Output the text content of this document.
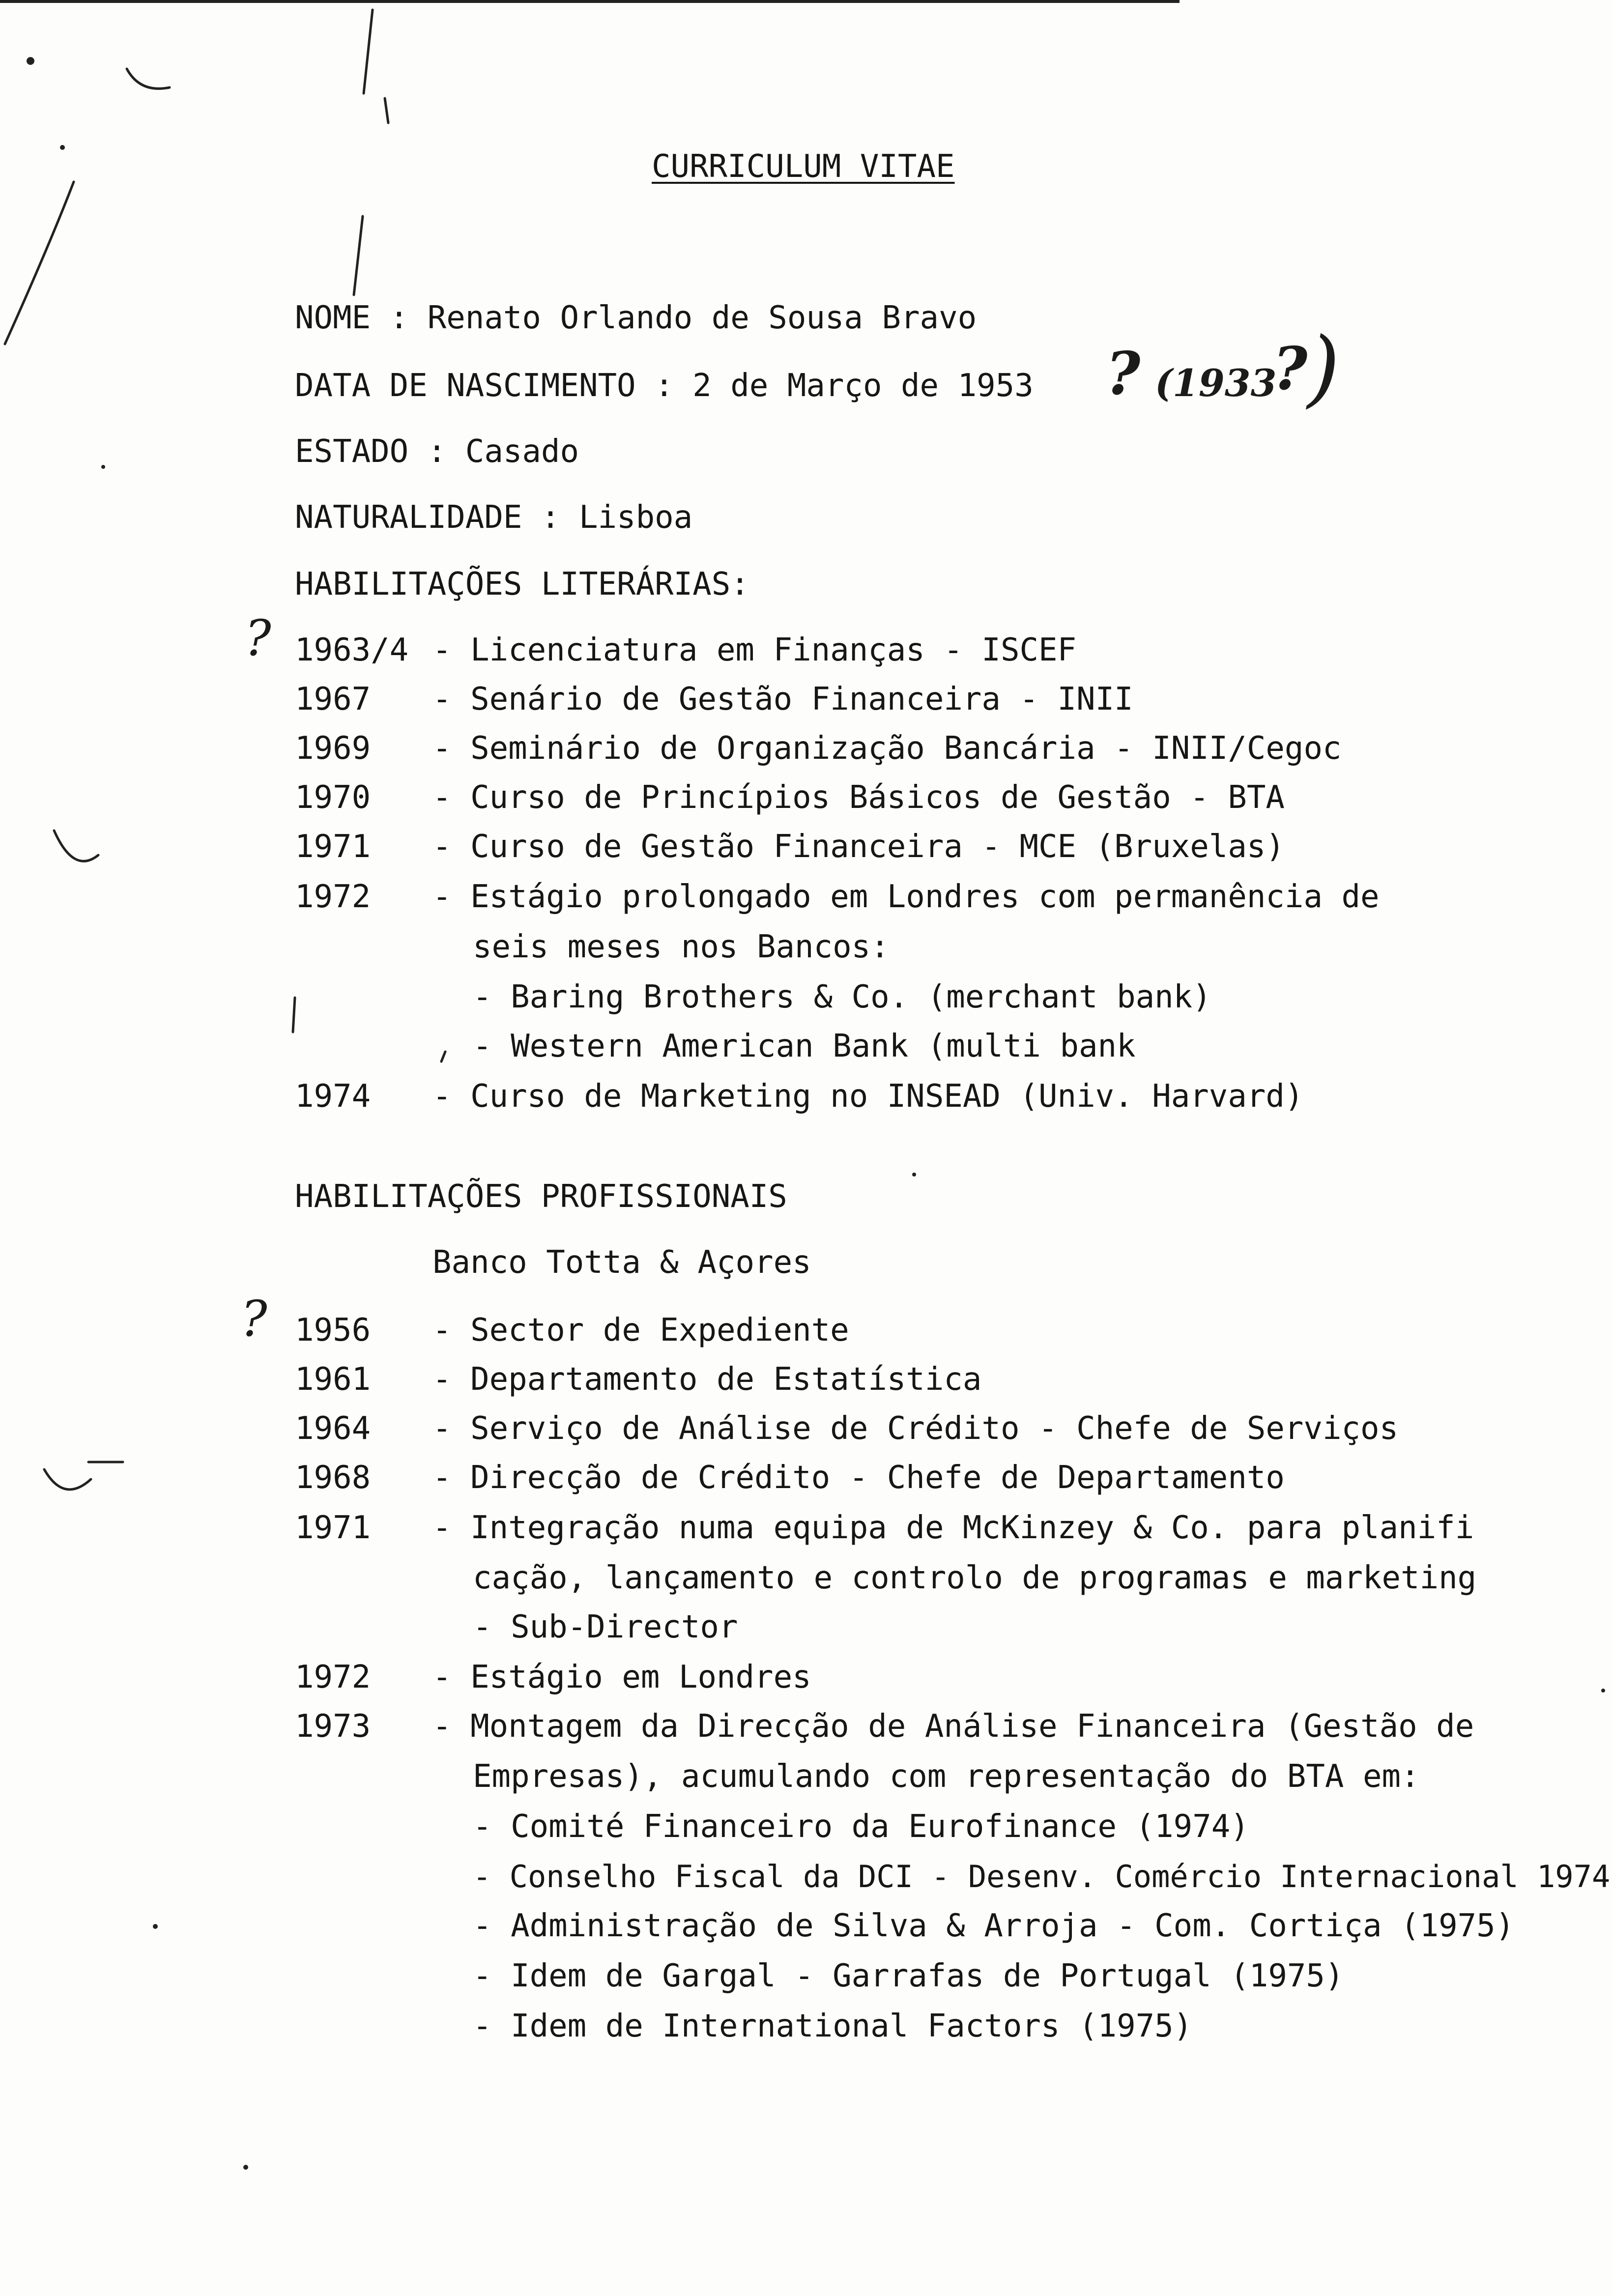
CURRICULUM VITAE
NOME : Renato Orlando de Sousa Bravo
DATA DE NASCIMENTO : 2 de Março de 1953
ESTADO : Casado
NATURALIDADE : Lisboa
? (1933
? )
?
?
HABILITAÇÕES LITERÁRIAS:
1963/4 - Licenciatura em Finanças - ISCEF
1967 - Senário de Gestão Financeira - INII
1969 - Seminário de Organização Bancária - INII/Cegoc
1970 - Curso de Princípios Básicos de Gestão - BTA
1971 - Curso de Gestão Financeira - MCE (Bruxelas)
1972 - Estágio prolongado em Londres com permanência de
seis meses nos Bancos:
- Baring Brothers & Co. (merchant bank)
- Western American Bank (multi bank
1974 - Curso de Marketing no INSEAD (Univ. Harvard)
HABILITAÇÕES PROFISSIONAIS
Banco Totta & Açores
1956 - Sector de Expediente
1961 - Departamento de Estatística
1964 - Serviço de Análise de Crédito - Chefe de Serviços
1968 - Direcção de Crédito - Chefe de Departamento
1971 - Integração numa equipa de McKinzey & Co. para planifi
cação, lançamento e controlo de programas e marketing
- Sub-Director
1972 - Estágio em Londres
1973 - Montagem da Direcção de Análise Financeira (Gestão de
Empresas), acumulando com representação do BTA em:
- Comité Financeiro da Eurofinance (1974)
- Conselho Fiscal da DCI - Desenv. Comércio Internacional 1974
- Administração de Silva & Arroja - Com. Cortiça (1975)
- Idem de Gargal - Garrafas de Portugal (1975)
- Idem de International Factors (1975)
